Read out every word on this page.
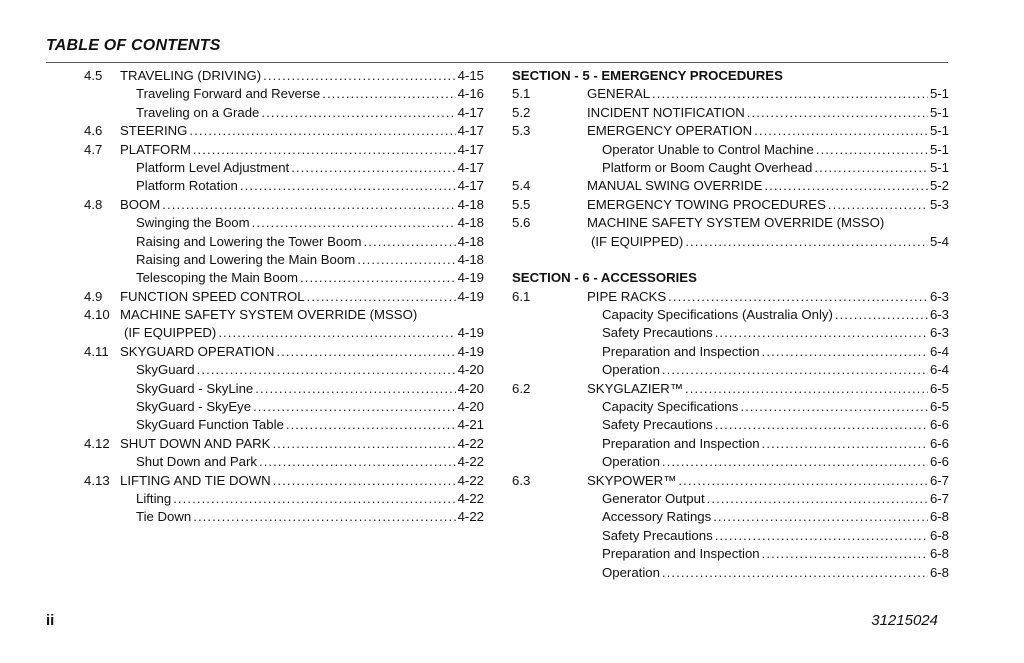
TABLE OF CONTENTS
4.5 TRAVELING (DRIVING) . . .	4-15
Traveling Forward and Reverse . . .	4-16
Traveling on a Grade . . .	4-17
4.6 STEERING . . .	4-17
4.7 PLATFORM . . .	4-17
Platform Level Adjustment . . .	4-17
Platform Rotation . . .	4-17
4.8 BOOM . . .	4-18
Swinging the Boom . . .	4-18
Raising and Lowering the Tower Boom . . .	4-18
Raising and Lowering the Main Boom . . .	4-18
Telescoping the Main Boom . . .	4-19
4.9 FUNCTION SPEED CONTROL . . .	4-19
4.10 MACHINE SAFETY SYSTEM OVERRIDE (MSSO)
(IF EQUIPPED) . . .	4-19
4.11 SKYGUARD OPERATION . . .	4-19
SkyGuard . . .	4-20
SkyGuard - SkyLine . . .	4-20
SkyGuard - SkyEye . . .	4-20
SkyGuard Function Table . . .	4-21
4.12 SHUT DOWN AND PARK . . .	4-22
Shut Down and Park . . .	4-22
4.13 LIFTING AND TIE DOWN . . .	4-22
Lifting . . .	4-22
Tie Down . . .	4-22
SECTION - 5 - EMERGENCY PROCEDURES
5.1	GENERAL . . .	5-1
5.2	INCIDENT NOTIFICATION . . .	5-1
5.3	EMERGENCY OPERATION . . .	5-1
Operator Unable to Control Machine . . .	5-1
Platform or Boom Caught Overhead . . .	5-1
5.4	MANUAL SWING OVERRIDE . . .	5-2
5.5	EMERGENCY TOWING PROCEDURES . . .	5-3
5.6	MACHINE SAFETY SYSTEM OVERRIDE (MSSO)
(IF EQUIPPED) . . .	5-4
SECTION - 6 - ACCESSORIES
6.1	PIPE RACKS . . .	6-3
Capacity Specifications (Australia Only) . . .	6-3
Safety Precautions . . .	6-3
Preparation and Inspection . . .	6-4
Operation . . .	6-4
6.2	SKYGLAZIER™ . . .	6-5
Capacity Specifications . . .	6-5
Safety Precautions . . .	6-6
Preparation and Inspection . . .	6-6
Operation . . .	6-6
6.3	SKYPOWER™ . . .	6-7
Generator Output . . .	6-7
Accessory Ratings . . .	6-8
Safety Precautions . . .	6-8
Preparation and Inspection . . .	6-8
Operation . . .	6-8
ii	31215024
